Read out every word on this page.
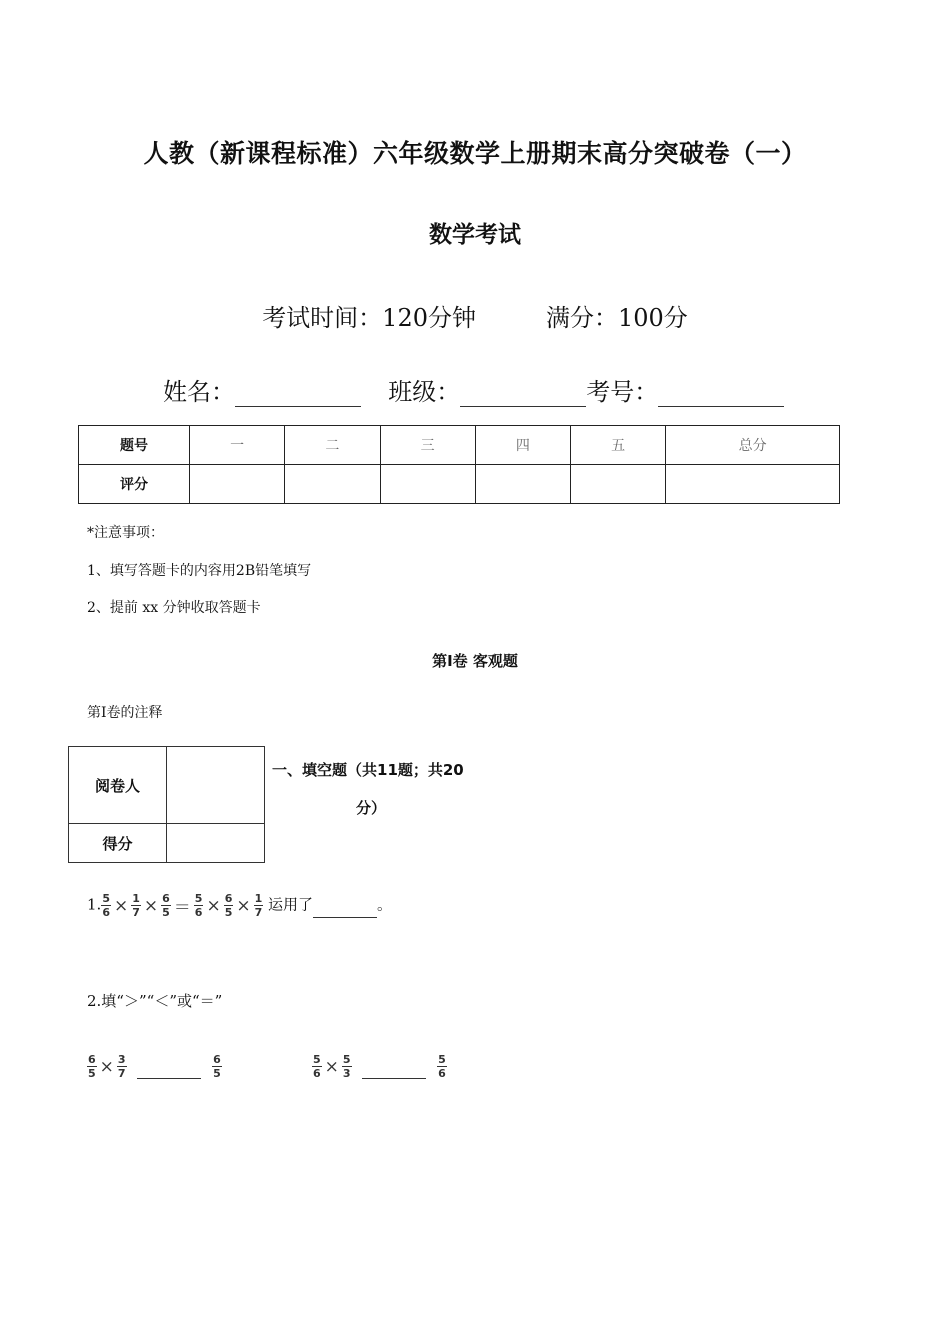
人教（新课程标准）六年级数学上册期末高分突破卷（一）
数学考试
考试时间：120分钟	满分：100分
姓名：	班级：	考号：
题号	一	二	三	四	五	总分
评分						
*注意事项：
1、填写答题卡的内容用2B铅笔填写
2、提前 xx 分钟收取答题卡
第Ⅰ卷 客观题
第Ⅰ卷的注释
阅卷人	
得分	
一、填空题（共11题；共20
分）
1. $\frac{5}{6} \times \frac{1}{7} \times \frac{6}{5} = \frac{5}{6} \times \frac{6}{5} \times \frac{1}{7}$ 运用了	。
2.填“＞”“＜”或“＝”
$\frac{6}{5} \times \frac{3}{7}$
	$\frac{6}{5}$	$\frac{5}{6} \times \frac{5}{3}$
	$\frac{5}{6}$
